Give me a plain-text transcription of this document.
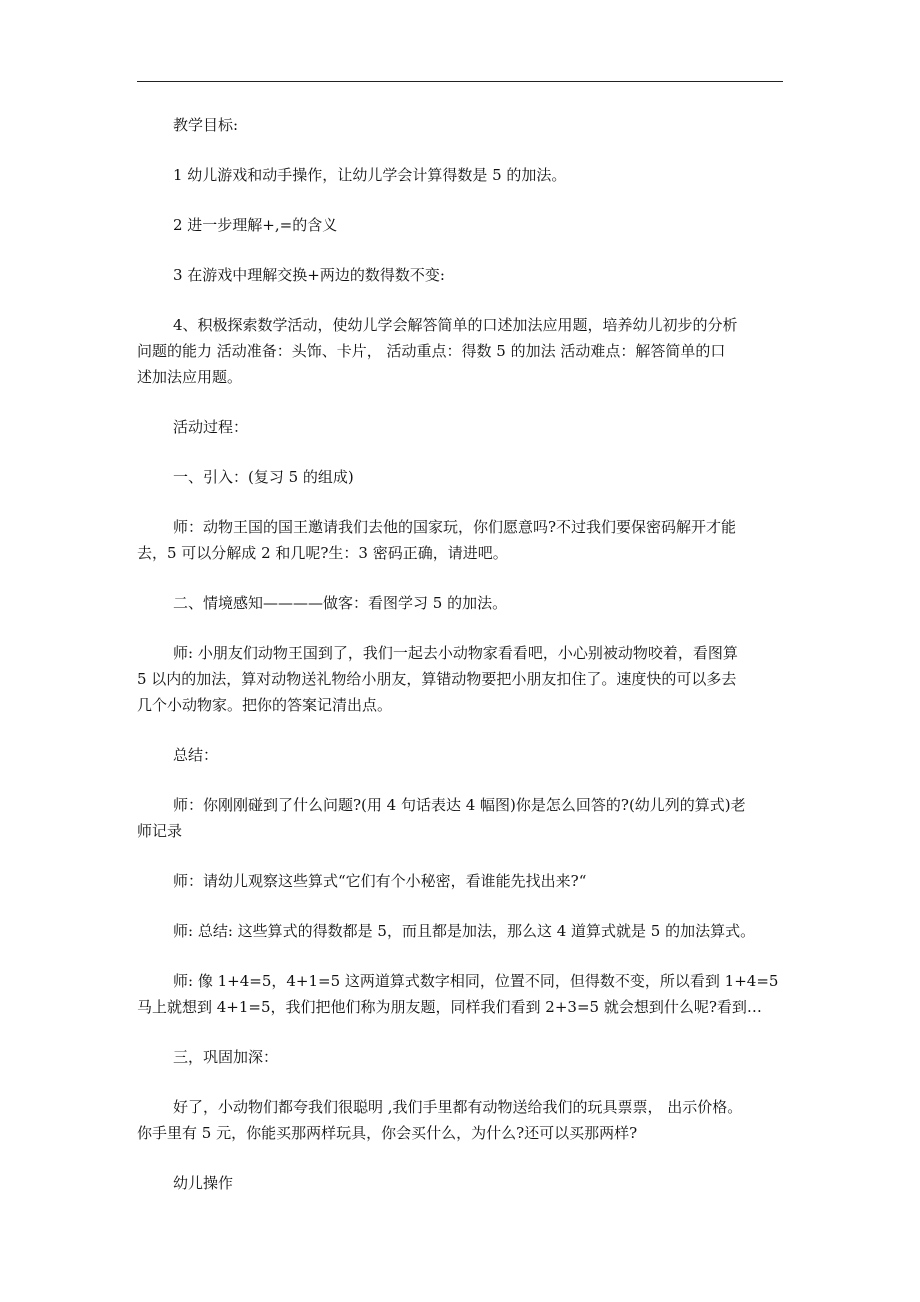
教学目标:
1 幼儿游戏和动手操作，让幼儿学会计算得数是 5 的加法。
2 进一步理解+,=的含义
3 在游戏中理解交换+两边的数得数不变:
4、积极探索数学活动，使幼儿学会解答简单的口述加法应用题，培养幼儿初步的分析
问题的能力 活动准备：头饰、卡片， 活动重点：得数 5 的加法 活动难点：解答简单的口
述加法应用题。
活动过程：
一、引入：(复习 5 的组成)
师：动物王国的国王邀请我们去他的国家玩，你们愿意吗?不过我们要保密码解开才能
去，5 可以分解成 2 和几呢?生：3 密码正确，请进吧。
二、情境感知————做客：看图学习 5 的加法。
师: 小朋友们动物王国到了，我们一起去小动物家看看吧，小心别被动物咬着，看图算
5 以内的加法，算对动物送礼物给小朋友，算错动物要把小朋友扣住了。速度快的可以多去
几个小动物家。把你的答案记清出点。
总结：
师：你刚刚碰到了什么问题?(用 4 句话表达 4 幅图)你是怎么回答的?(幼儿列的算式)老
师记录
师：请幼儿观察这些算式“它们有个小秘密，看谁能先找出来?“
师: 总结: 这些算式的得数都是 5，而且都是加法，那么这 4 道算式就是 5 的加法算式。
师: 像 1+4=5，4+1=5 这两道算式数字相同，位置不同，但得数不变，所以看到 1+4=5
马上就想到 4+1=5，我们把他们称为朋友题，同样我们看到 2+3=5 就会想到什么呢?看到…
三，巩固加深：
好了，小动物们都夸我们很聪明 ,我们手里都有动物送给我们的玩具票票， 出示价格。
你手里有 5 元，你能买那两样玩具，你会买什么，为什么?还可以买那两样?
幼儿操作
